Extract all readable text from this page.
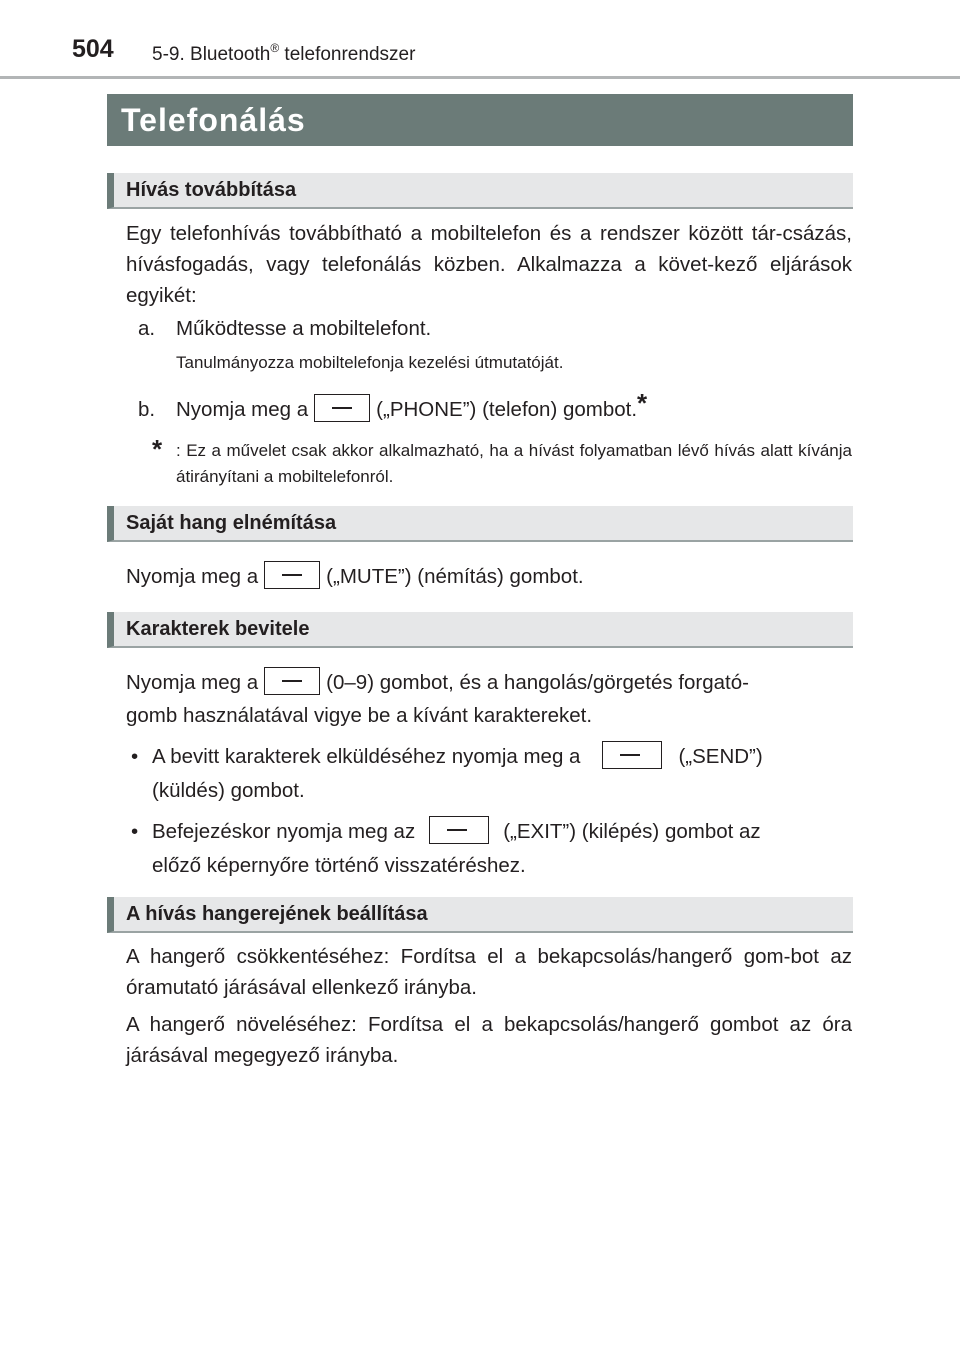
504 5-9. Bluetooth® telefonrendszer
Telefonálás
Hívás továbbítása
Egy telefonhívás továbbítható a mobiltelefon és a rendszer között tár-csázás, hívásfogadás, vagy telefonálás közben. Alkalmazza a követ-kező eljárások egyikét:
a. Működtesse a mobiltelefont.
Tanulmányozza mobiltelefonja kezelési útmutatóját.
b. Nyomja meg a	(„PHONE”) (telefon) gombot.*
* : Ez a művelet csak akkor alkalmazható, ha a hívást folyamatban lévő hívás alatt kívánja átirányítani a mobiltelefonról.
Saját hang elnémítása
Nyomja meg a	(„MUTE”) (némítás) gombot.
Karakterek bevitele
Nyomja meg a	(0–9) gombot, és a hangolás/görgetés forgató-
gomb használatával vigye be a kívánt karaktereket.
• A bevitt karakterek elküldéséhez nyomja meg a	(„SEND”)
(küldés) gombot.
• Befejezéskor nyomja meg az	(„EXIT”) (kilépés) gombot az
előző képernyőre történő visszatéréshez.
A hívás hangerejének beállítása
A hangerő csökkentéséhez: Fordítsa el a bekapcsolás/hangerő gom-bot az óramutató járásával ellenkező irányba.
A hangerő növeléséhez: Fordítsa el a bekapcsolás/hangerő gombot az óra járásával megegyező irányba.
